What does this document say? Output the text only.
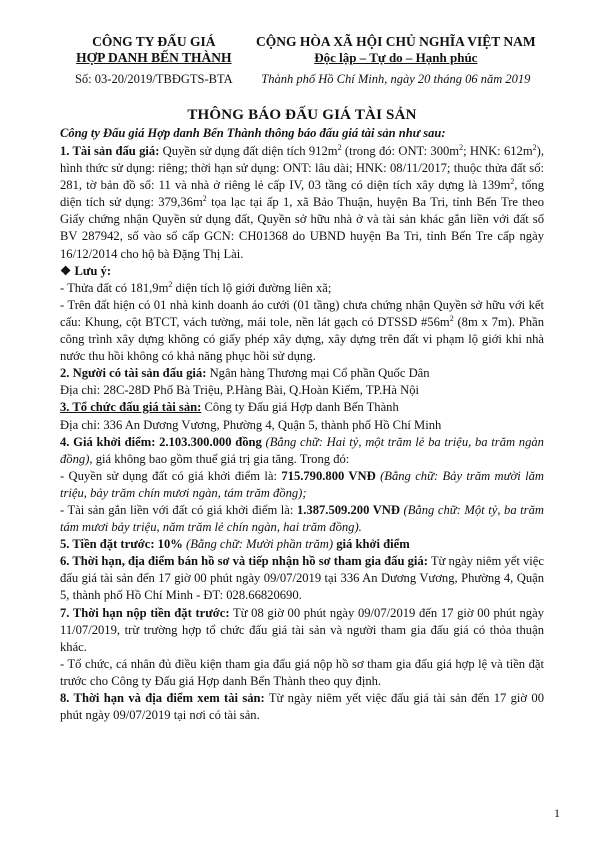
CÔNG TY ĐẤU GIÁ
HỢP DANH BẾN THÀNH
Số: 03-20/2019/TBĐGTS-BTA
CỘNG HÒA XÃ HỘI CHỦ NGHĨA VIỆT NAM
Độc lập – Tự do – Hạnh phúc
Thành phố Hồ Chí Minh, ngày 20 tháng 06 năm 2019
THÔNG BÁO ĐẤU GIÁ TÀI SẢN
Công ty Đấu giá Hợp danh Bến Thành thông báo đấu giá tài sản như sau:

1. Tài sản đấu giá: Quyền sử dụng đất diện tích $912m^2$ (trong đó: ONT: $300m^2$; HNK: $612m^2$), hình thức sử dụng: riêng; thời hạn sử dụng: ONT: lâu dài; HNK: 08/11/2017; thuộc thửa đất số: 281, tờ bản đồ số: 11 và nhà ở riêng lẻ cấp IV, 03 tầng có diện tích xây dựng là $139m^2$, tổng diện tích sử dụng: $379,36m^2$ tọa lạc tại ấp 1, xã Bảo Thuận, huyện Ba Tri, tỉnh Bến Tre theo Giấy chứng nhận Quyền sử dụng đất, Quyền sở hữu nhà ở và tài sản khác gắn liền với đất số BV 287942, số vào sổ cấp GCN: CH01368 do UBND huyện Ba Tri, tỉnh Bến Tre cấp ngày 16/12/2014 cho hộ bà Đặng Thị Lài.

❖ Lưu ý:

- Thửa đất có $181,9m^2$ diện tích lộ giới đường liên xã;

- Trên đất hiện có 01 nhà kinh doanh áo cưới (01 tầng) chưa chứng nhận Quyền sở hữu với kết cấu: Khung, cột BTCT, vách tường, mái tole, nền lát gạch có DTSSD $\#56m^2$ (8m x 7m). Phần công trình xây dựng không có giấy phép xây dựng, xây dựng trên đất vi phạm lộ giới khi nhà nước thu hồi không có khả năng phục hồi sử dụng.

2. Người có tài sản đấu giá: Ngân hàng Thương mại Cổ phần Quốc Dân

Địa chỉ: 28C-28D Phố Bà Triệu, P.Hàng Bài, Q.Hoàn Kiếm, TP.Hà Nội

3. Tổ chức đấu giá tài sản: Công ty Đấu giá Hợp danh Bến Thành

Địa chỉ: 336 An Dương Vương, Phường 4, Quận 5, thành phố Hồ Chí Minh

4. Giá khởi điểm: 2.103.300.000 đồng (Bằng chữ: Hai tỷ, một trăm lẻ ba triệu, ba trăm ngàn đồng), giá không bao gồm thuế giá trị gia tăng. Trong đó:

- Quyền sử dụng đất có giá khởi điểm là: 715.790.800 VNĐ (Bằng chữ: Bảy trăm mười lăm triệu, bảy trăm chín mươi ngàn, tám trăm đồng);

- Tài sản gắn liền với đất có giá khởi điểm là: 1.387.509.200 VNĐ (Bằng chữ: Một tỷ, ba trăm tám mươi bảy triệu, năm trăm lẻ chín ngàn, hai trăm đồng).

5. Tiền đặt trước: 10% (Bằng chữ: Mười phần trăm) giá khởi điểm

6. Thời hạn, địa điểm bán hồ sơ và tiếp nhận hồ sơ tham gia đấu giá: Từ ngày niêm yết việc đấu giá tài sản đến 17 giờ 00 phút ngày 09/07/2019 tại 336 An Dương Vương, Phường 4, Quận 5, thành phố Hồ Chí Minh - ĐT: 028.66820690.

7. Thời hạn nộp tiền đặt trước: Từ 08 giờ 00 phút ngày 09/07/2019 đến 17 giờ 00 phút ngày 11/07/2019, trừ trường hợp tổ chức đấu giá tài sản và người tham gia đấu giá có thỏa thuận khác.

- Tổ chức, cá nhân đủ điều kiện tham gia đấu giá nộp hồ sơ tham gia đấu giá hợp lệ và tiền đặt trước cho Công ty Đấu giá Hợp danh Bến Thành theo quy định.

8. Thời hạn và địa điểm xem tài sản: Từ ngày niêm yết việc đấu giá tài sản đến 17 giờ 00 phút ngày 09/07/2019 tại nơi có tài sản.

1
